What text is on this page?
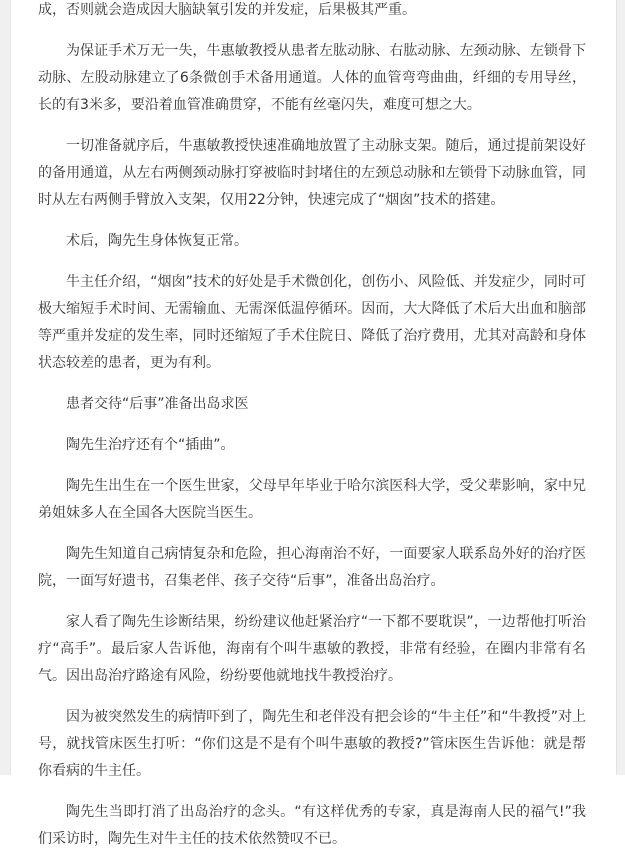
成，否则就会造成因大脑缺氧引发的并发症，后果极其严重。

为保证手术万无一失，牛惠敏教授从患者左肱动脉、右肱动脉、左颈动脉、左锁骨下动脉、左股动脉建立了6条微创手术备用通道。人体的血管弯弯曲曲，纤细的专用导丝，长的有3米多，要沿着血管准确贯穿，不能有丝毫闪失，难度可想之大。

一切准备就序后，牛惠敏教授快速准确地放置了主动脉支架。随后，通过提前架设好的备用通道，从左右两侧颈动脉打穿被临时封堵住的左颈总动脉和左锁骨下动脉血管，同时从左右两侧手臂放入支架，仅用22分钟，快速完成了“烟囱”技术的搭建。

术后，陶先生身体恢复正常。

牛主任介绍，“烟囱”技术的好处是手术微创化，创伤小、风险低、并发症少，同时可极大缩短手术时间、无需输血、无需深低温停循环。因而，大大降低了术后大出血和脑部等严重并发症的发生率，同时还缩短了手术住院日、降低了治疗费用，尤其对高龄和身体状态较差的患者，更为有利。

患者交待“后事”准备出岛求医

陶先生治疗还有个“插曲”。

陶先生出生在一个医生世家，父母早年毕业于哈尔滨医科大学，受父辈影响，家中兄弟姐妹多人在全国各大医院当医生。

陶先生知道自己病情复杂和危险，担心海南治不好，一面要家人联系岛外好的治疗医院，一面写好遗书，召集老伴、孩子交待“后事”，准备出岛治疗。

家人看了陶先生诊断结果，纷纷建议他赶紧治疗“一下都不要耽误”，一边帮他打听治疗“高手”。最后家人告诉他，海南有个叫牛惠敏的教授，非常有经验，在圈内非常有名气。因出岛治疗路途有风险，纷纷要他就地找牛教授治疗。

因为被突然发生的病情吓到了，陶先生和老伴没有把会诊的“牛主任”和“牛教授”对上号，就找管床医生打听：“你们这是不是有个叫牛惠敏的教授?”管床医生告诉他：就是帮你看病的牛主任。

陶先生当即打消了出岛治疗的念头。“有这样优秀的专家，真是海南人民的福气!”我们采访时，陶先生对牛主任的技术依然赞叹不已。
